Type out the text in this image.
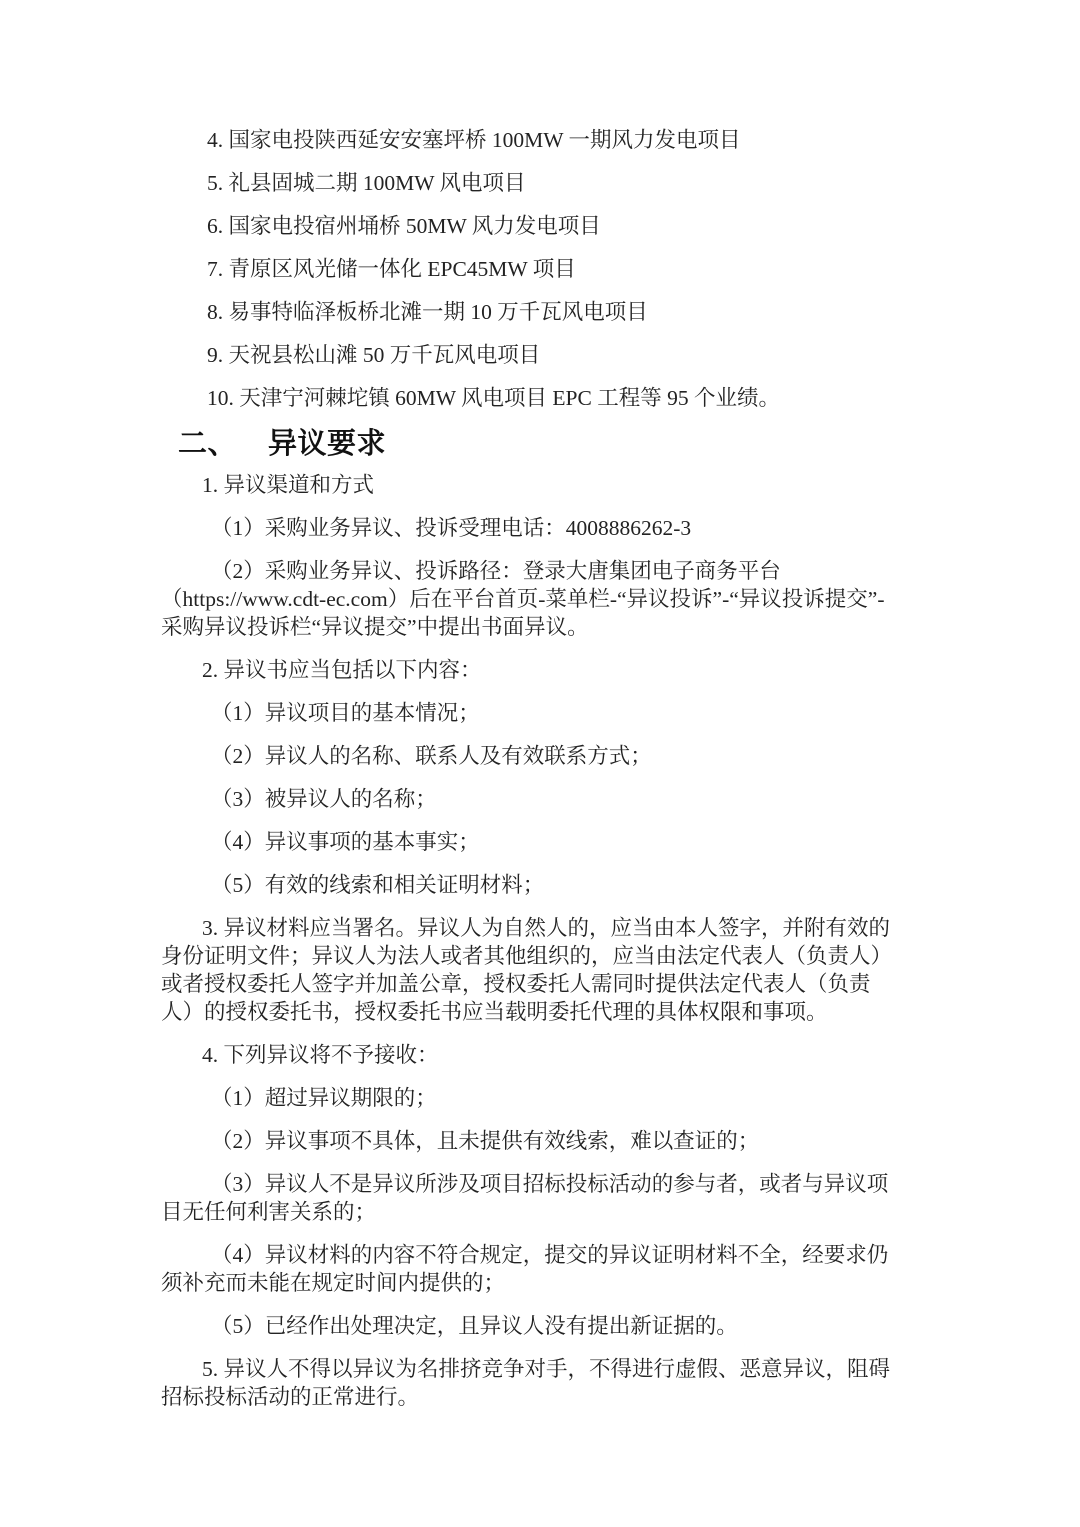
4. 国家电投陕西延安安塞坪桥 100MW 一期风力发电项目

5. 礼县固城二期 100MW 风电项目

6. 国家电投宿州埇桥 50MW 风力发电项目

7. 青原区风光储一体化 EPC45MW 项目

8. 易事特临泽板桥北滩一期 10 万千瓦风电项目

9. 天祝县松山滩 50 万千瓦风电项目

10. 天津宁河棘坨镇 60MW 风电项目 EPC 工程等 95 个业绩。

二、 异议要求

1. 异议渠道和方式

（1）采购业务异议、投诉受理电话：4008886262-3

（2）采购业务异议、投诉路径：登录大唐集团电子商务平台（https://www.cdt-ec.com）后在平台首页-菜单栏-“异议投诉”-“异议投诉提交”-采购异议投诉栏“异议提交”中提出书面异议。

2. 异议书应当包括以下内容：

（1）异议项目的基本情况；

（2）异议人的名称、联系人及有效联系方式；

（3）被异议人的名称；

（4）异议事项的基本事实；

（5）有效的线索和相关证明材料；

3. 异议材料应当署名。异议人为自然人的，应当由本人签字，并附有效的身份证明文件；异议人为法人或者其他组织的，应当由法定代表人（负责人）或者授权委托人签字并加盖公章，授权委托人需同时提供法定代表人（负责人）的授权委托书，授权委托书应当载明委托代理的具体权限和事项。

4. 下列异议将不予接收：

（1）超过异议期限的；

（2）异议事项不具体，且未提供有效线索，难以查证的；

（3）异议人不是异议所涉及项目招标投标活动的参与者，或者与异议项目无任何利害关系的；

（4）异议材料的内容不符合规定，提交的异议证明材料不全，经要求仍须补充而未能在规定时间内提供的；

（5）已经作出处理决定，且异议人没有提出新证据的。

5. 异议人不得以异议为名排挤竞争对手，不得进行虚假、恶意异议，阻碍招标投标活动的正常进行。
